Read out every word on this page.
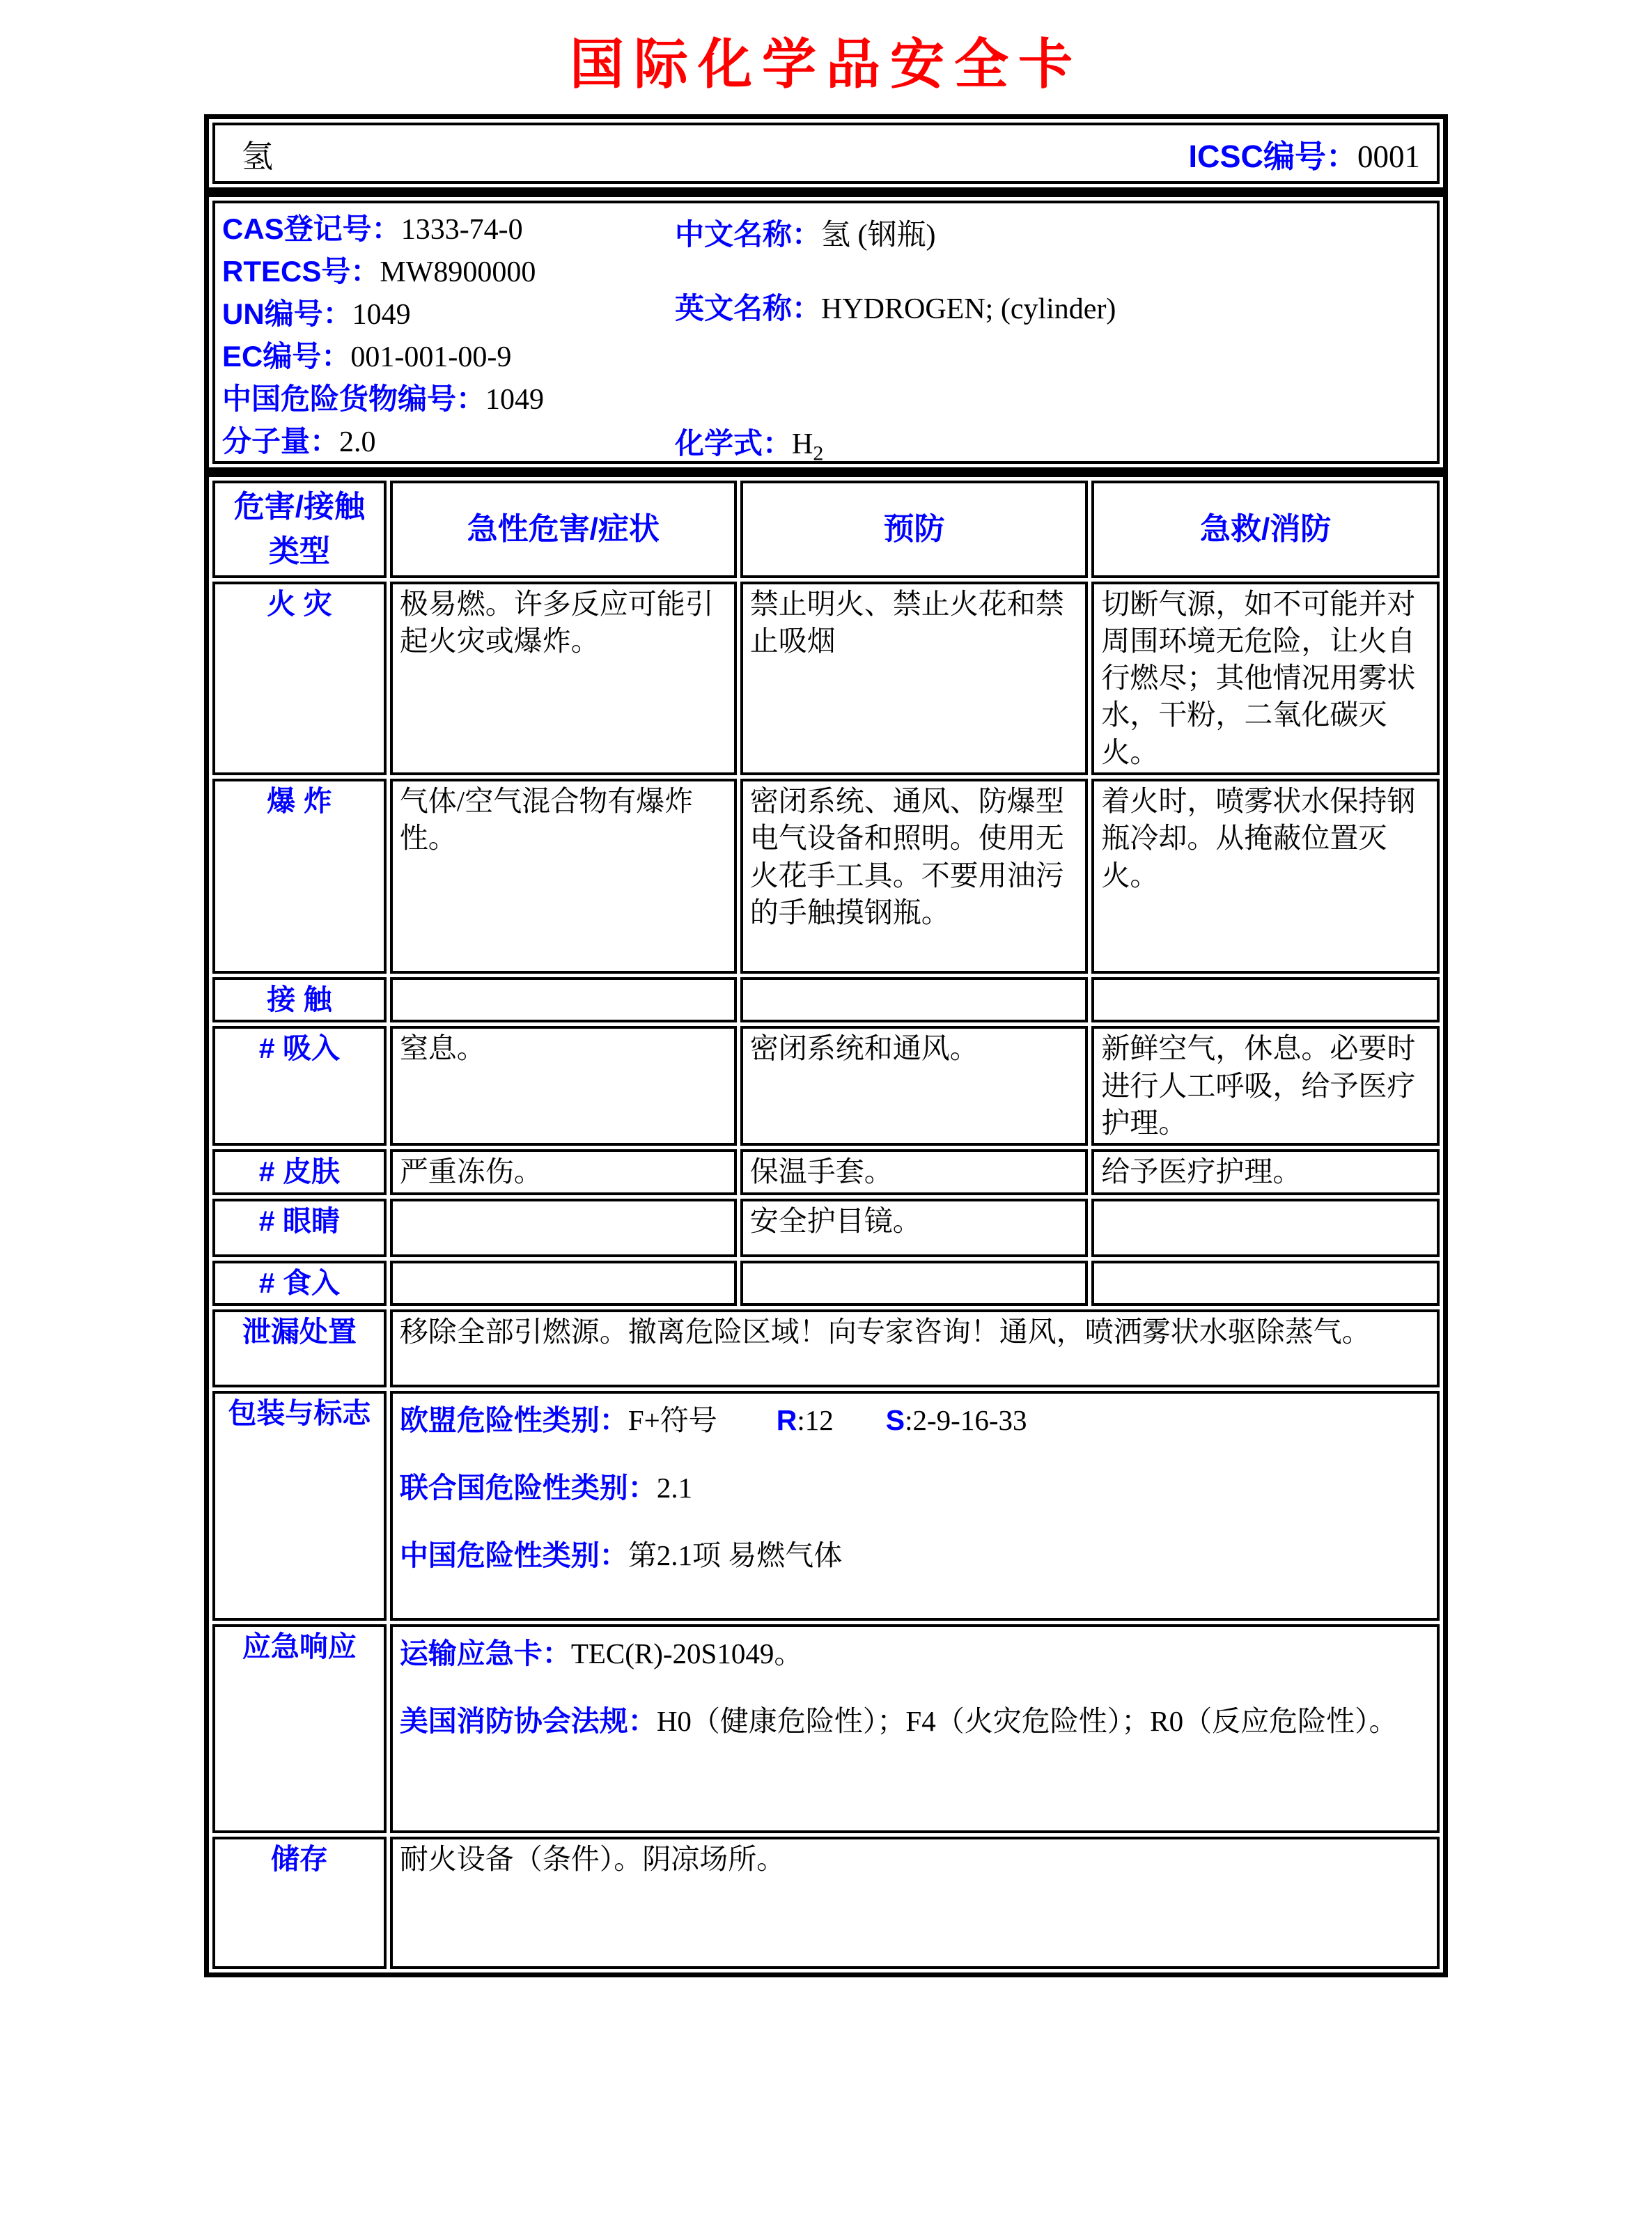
国际化学品安全卡
氢	ICSC编号：0001
CAS登记号：1333-74-0
RTECS号：MW8900000
UN编号：1049
EC编号：001-001-00-9
中国危险货物编号：1049
分子量：2.0
中文名称：氢 (钢瓶)
英文名称：HYDROGEN; (cylinder)
化学式：$H_2$
危害/接触类型	急性危害/症状	预防	急救/消防
火 灾	极易燃。许多反应可能引起火灾或爆炸。	禁止明火、禁止火花和禁止吸烟	切断气源，如不可能并对周围环境无危险，让火自行燃尽；其他情况用雾状水，干粉，二氧化碳灭火。
爆 炸	气体/空气混合物有爆炸性。	密闭系统、通风、防爆型电气设备和照明。使用无火花手工具。不要用油污的手触摸钢瓶。	着火时，喷雾状水保持钢瓶冷却。从掩蔽位置灭火。
接 触			
# 吸入	窒息。	密闭系统和通风。	新鲜空气，休息。必要时进行人工呼吸，给予医疗护理。
# 皮肤	严重冻伤。	保温手套。	给予医疗护理。
# 眼睛		安全护目镜。	
# 食入			
泄漏处置	移除全部引燃源。撤离危险区域！向专家咨询！通风，喷洒雾状水驱除蒸气。		
包装与标志	欧盟危险性类别：F+符号 R:12 S:2-9-16-33
联合国危险性类别：2.1
中国危险性类别：第2.1项 易燃气体		

应急响应	运输应急卡：TEC(R)-20S1049。
美国消防协会法规：H0（健康危险性）；F4（火灾危险性）；R0（反应危险性）。		

储存	耐火设备（条件）。阴凉场所。		
